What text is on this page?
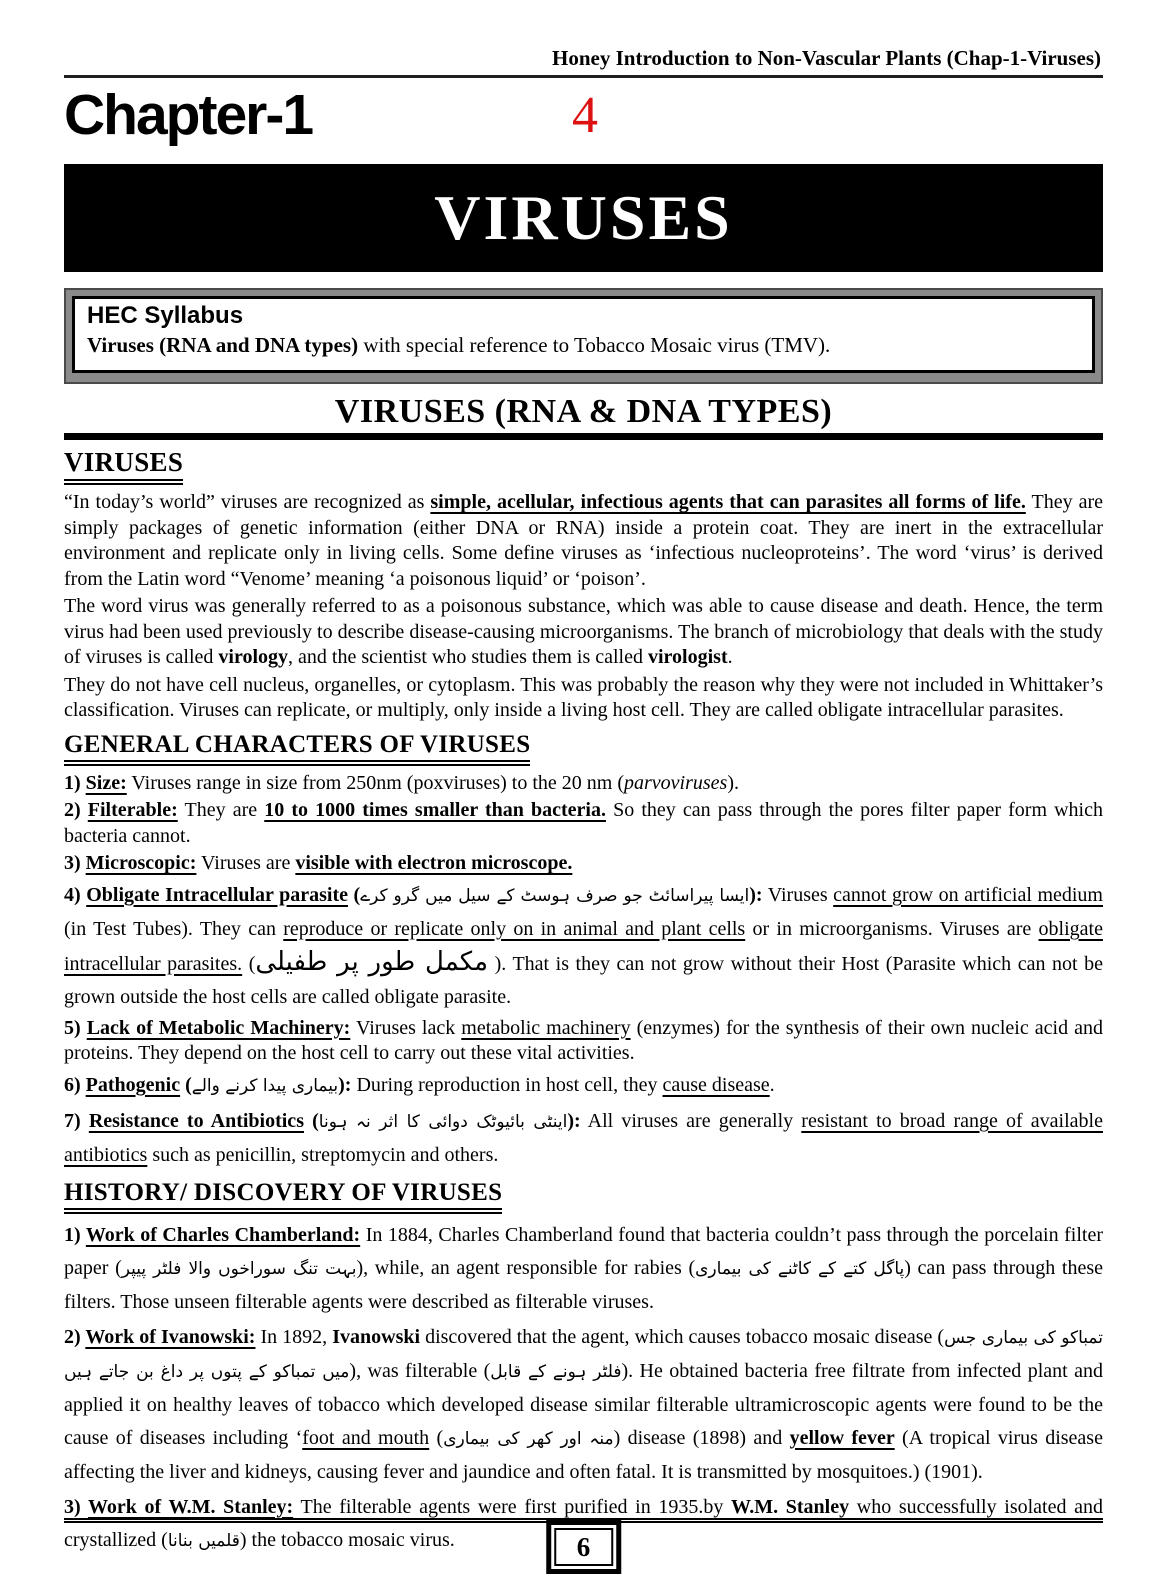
Honey Introduction to Non-Vascular Plants (Chap-1-Viruses)
Chapter-1	4
VIRUSES
HEC Syllabus
Viruses (RNA and DNA types) with special reference to Tobacco Mosaic virus (TMV).
VIRUSES (RNA & DNA TYPES)
VIRUSES

“In today’s world” viruses are recognized as simple, acellular, infectious agents that can parasites all forms of life. They are simply packages of genetic information (either DNA or RNA) inside a protein coat. They are inert in the extracellular environment and replicate only in living cells. Some define viruses as ‘infectious nucleoproteins’. The word ‘virus’ is derived from the Latin word “Venome’ meaning ‘a poisonous liquid’ or ‘poison’.

The word virus was generally referred to as a poisonous substance, which was able to cause disease and death. Hence, the term virus had been used previously to describe disease-causing microorganisms. The branch of microbiology that deals with the study of viruses is called virology, and the scientist who studies them is called virologist.

They do not have cell nucleus, organelles, or cytoplasm. This was probably the reason why they were not included in Whittaker’s classification. Viruses can replicate, or multiply, only inside a living host cell. They are called obligate intracellular parasites.

GENERAL CHARACTERS OF VIRUSES

1) Size: Viruses range in size from 250nm (poxviruses) to the 20 nm (parvoviruses).

2) Filterable: They are 10 to 1000 times smaller than bacteria. So they can pass through the pores filter paper form which bacteria cannot.

3) Microscopic: Viruses are visible with electron microscope.

4) Obligate Intracellular parasite (ایسا پیراسائٹ جو صرف ہوسٹ کے سیل میں گرو کرے): Viruses cannot grow on artificial medium (in Test Tubes). They can reproduce or replicate only on in animal and plant cells or in microorganisms. Viruses are obligate intracellular parasites. (مکمل طور پر طفیلی ). That is they can not grow without their Host (Parasite which can not be grown outside the host cells are called obligate parasite.

5) Lack of Metabolic Machinery: Viruses lack metabolic machinery (enzymes) for the synthesis of their own nucleic acid and proteins. They depend on the host cell to carry out these vital activities.

6) Pathogenic (بیماری پیدا کرنے والے): During reproduction in host cell, they cause disease.

7) Resistance to Antibiotics (اینٹی بائیوٹک دوائی کا اثر نہ ہونا): All viruses are generally resistant to broad range of available antibiotics such as penicillin, streptomycin and others.

HISTORY/ DISCOVERY OF VIRUSES

1) Work of Charles Chamberland: In 1884, Charles Chamberland found that bacteria couldn’t pass through the porcelain filter paper (بہت تنگ سوراخوں والا فلٹر پیپر), while, an agent responsible for rabies (پاگل کتے کے کاٹنے کی بیماری) can pass through these filters. Those unseen filterable agents were described as filterable viruses.

2) Work of Ivanowski: In 1892, Ivanowski discovered that the agent, which causes tobacco mosaic disease (تمباکو کی بیماری جس میں تمباکو کے پتوں پر داغ بن جاتے ہیں), was filterable (فلٹر ہونے کے قابل). He obtained bacteria free filtrate from infected plant and applied it on healthy leaves of tobacco which developed disease similar filterable ultramicroscopic agents were found to be the cause of diseases including ‘foot and mouth (منہ اور کھر کی بیماری) disease (1898) and yellow fever (A tropical virus disease affecting the liver and kidneys, causing fever and jaundice and often fatal. It is transmitted by mosquitoes.) (1901).

3) Work of W.M. Stanley: The filterable agents were first purified in 1935.by W.M. Stanley who successfully isolated and crystallized (قلمیں بنانا) the tobacco mosaic virus.	6
